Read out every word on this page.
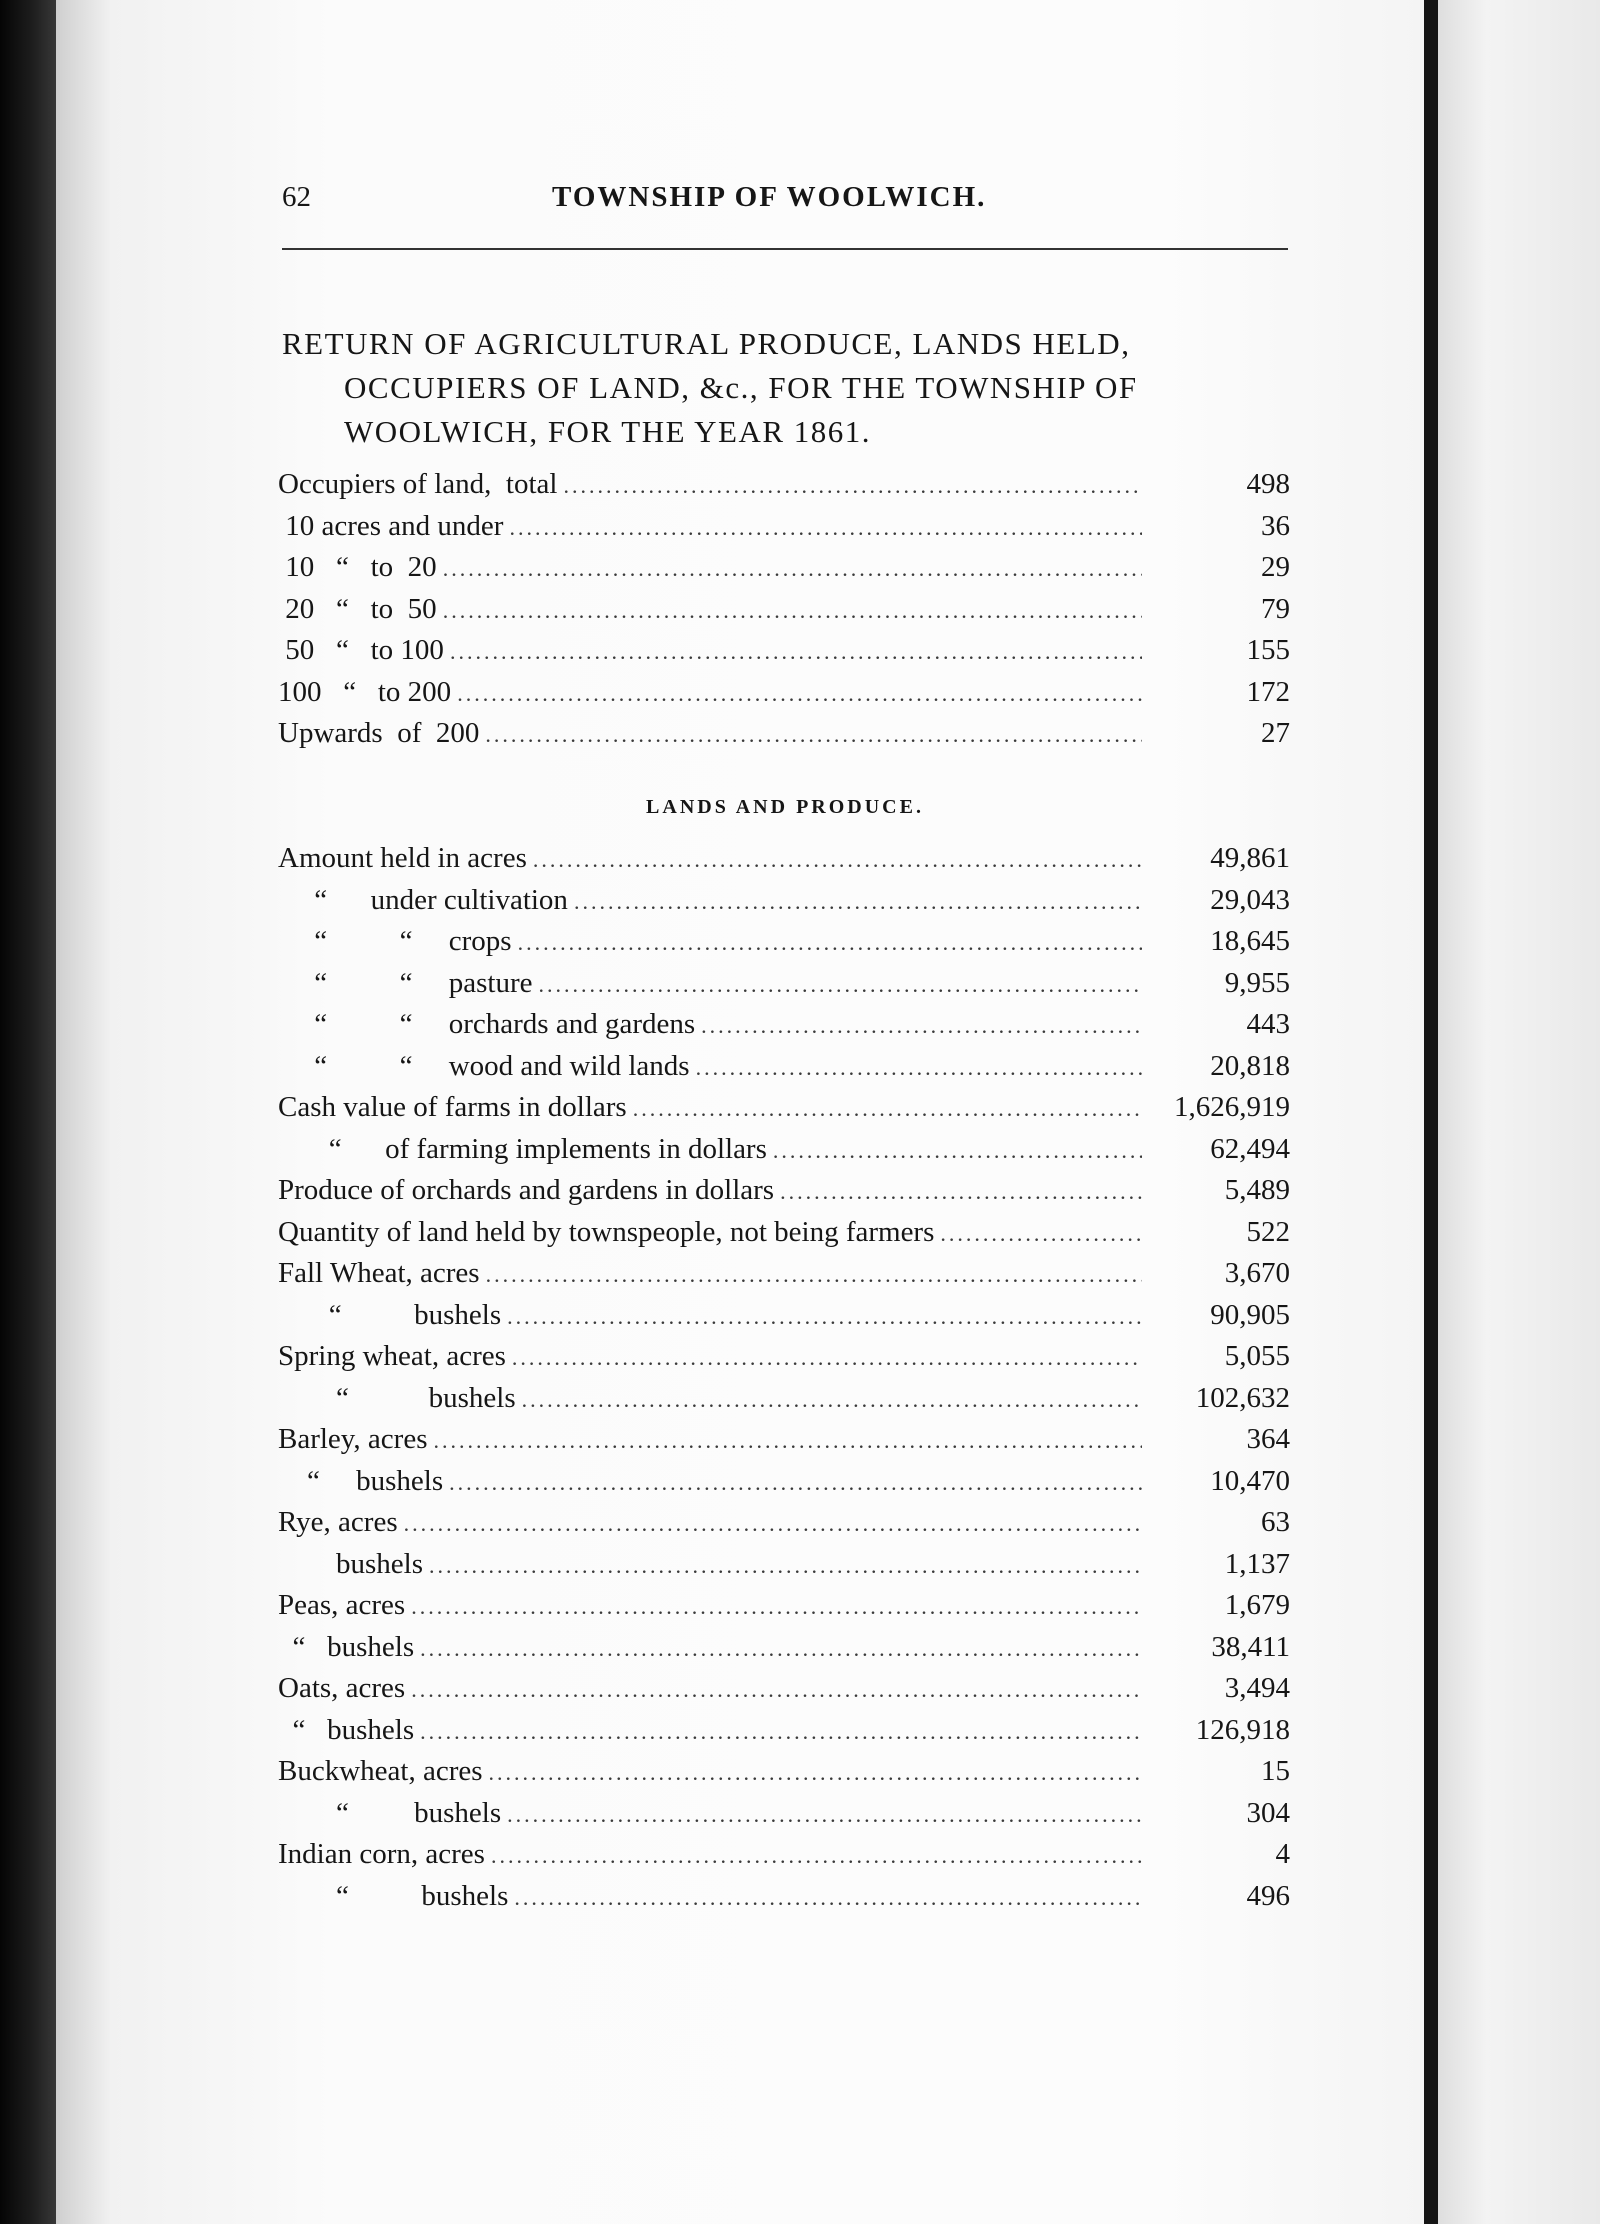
62	TOWNSHIP OF WOOLWICH.
RETURN OF AGRICULTURAL PRODUCE, LANDS HELD,
OCCUPIERS OF LAND, &c., FOR THE TOWNSHIP OF
WOOLWICH, FOR THE YEAR 1861.
Occupiers of land,  total .....	498
10 acres and under .....	36
10   “   to  20 .....	29
20   “   to  50 .....	79
50   “   to 100 .....	155
100   “   to 200 .....	172
Upwards  of  200 .....	27
LANDS AND PRODUCE.
Amount held in acres .....	49,861
“      under cultivation .....	29,043
“          “     crops .....	18,645
“          “     pasture .....	9,955
“          “     orchards and gardens .....	443
“          “     wood and wild lands .....	20,818
Cash value of farms in dollars .....	1,626,919
“      of farming implements in dollars .....	62,494
Produce of orchards and gardens in dollars .....	5,489
Quantity of land held by townspeople, not being farmers .....	522
Fall Wheat, acres .....	3,670
“          bushels .....	90,905
Spring wheat, acres .....	5,055
“           bushels .....	102,632
Barley, acres .....	364
“     bushels .....	10,470
Rye, acres .....	63
bushels .....	1,137
Peas, acres .....	1,679
“   bushels .....	38,411
Oats, acres .....	3,494
“   bushels .....	126,918
Buckwheat, acres .....	15
“         bushels .....	304
Indian corn, acres .....	4
“          bushels .....	496
